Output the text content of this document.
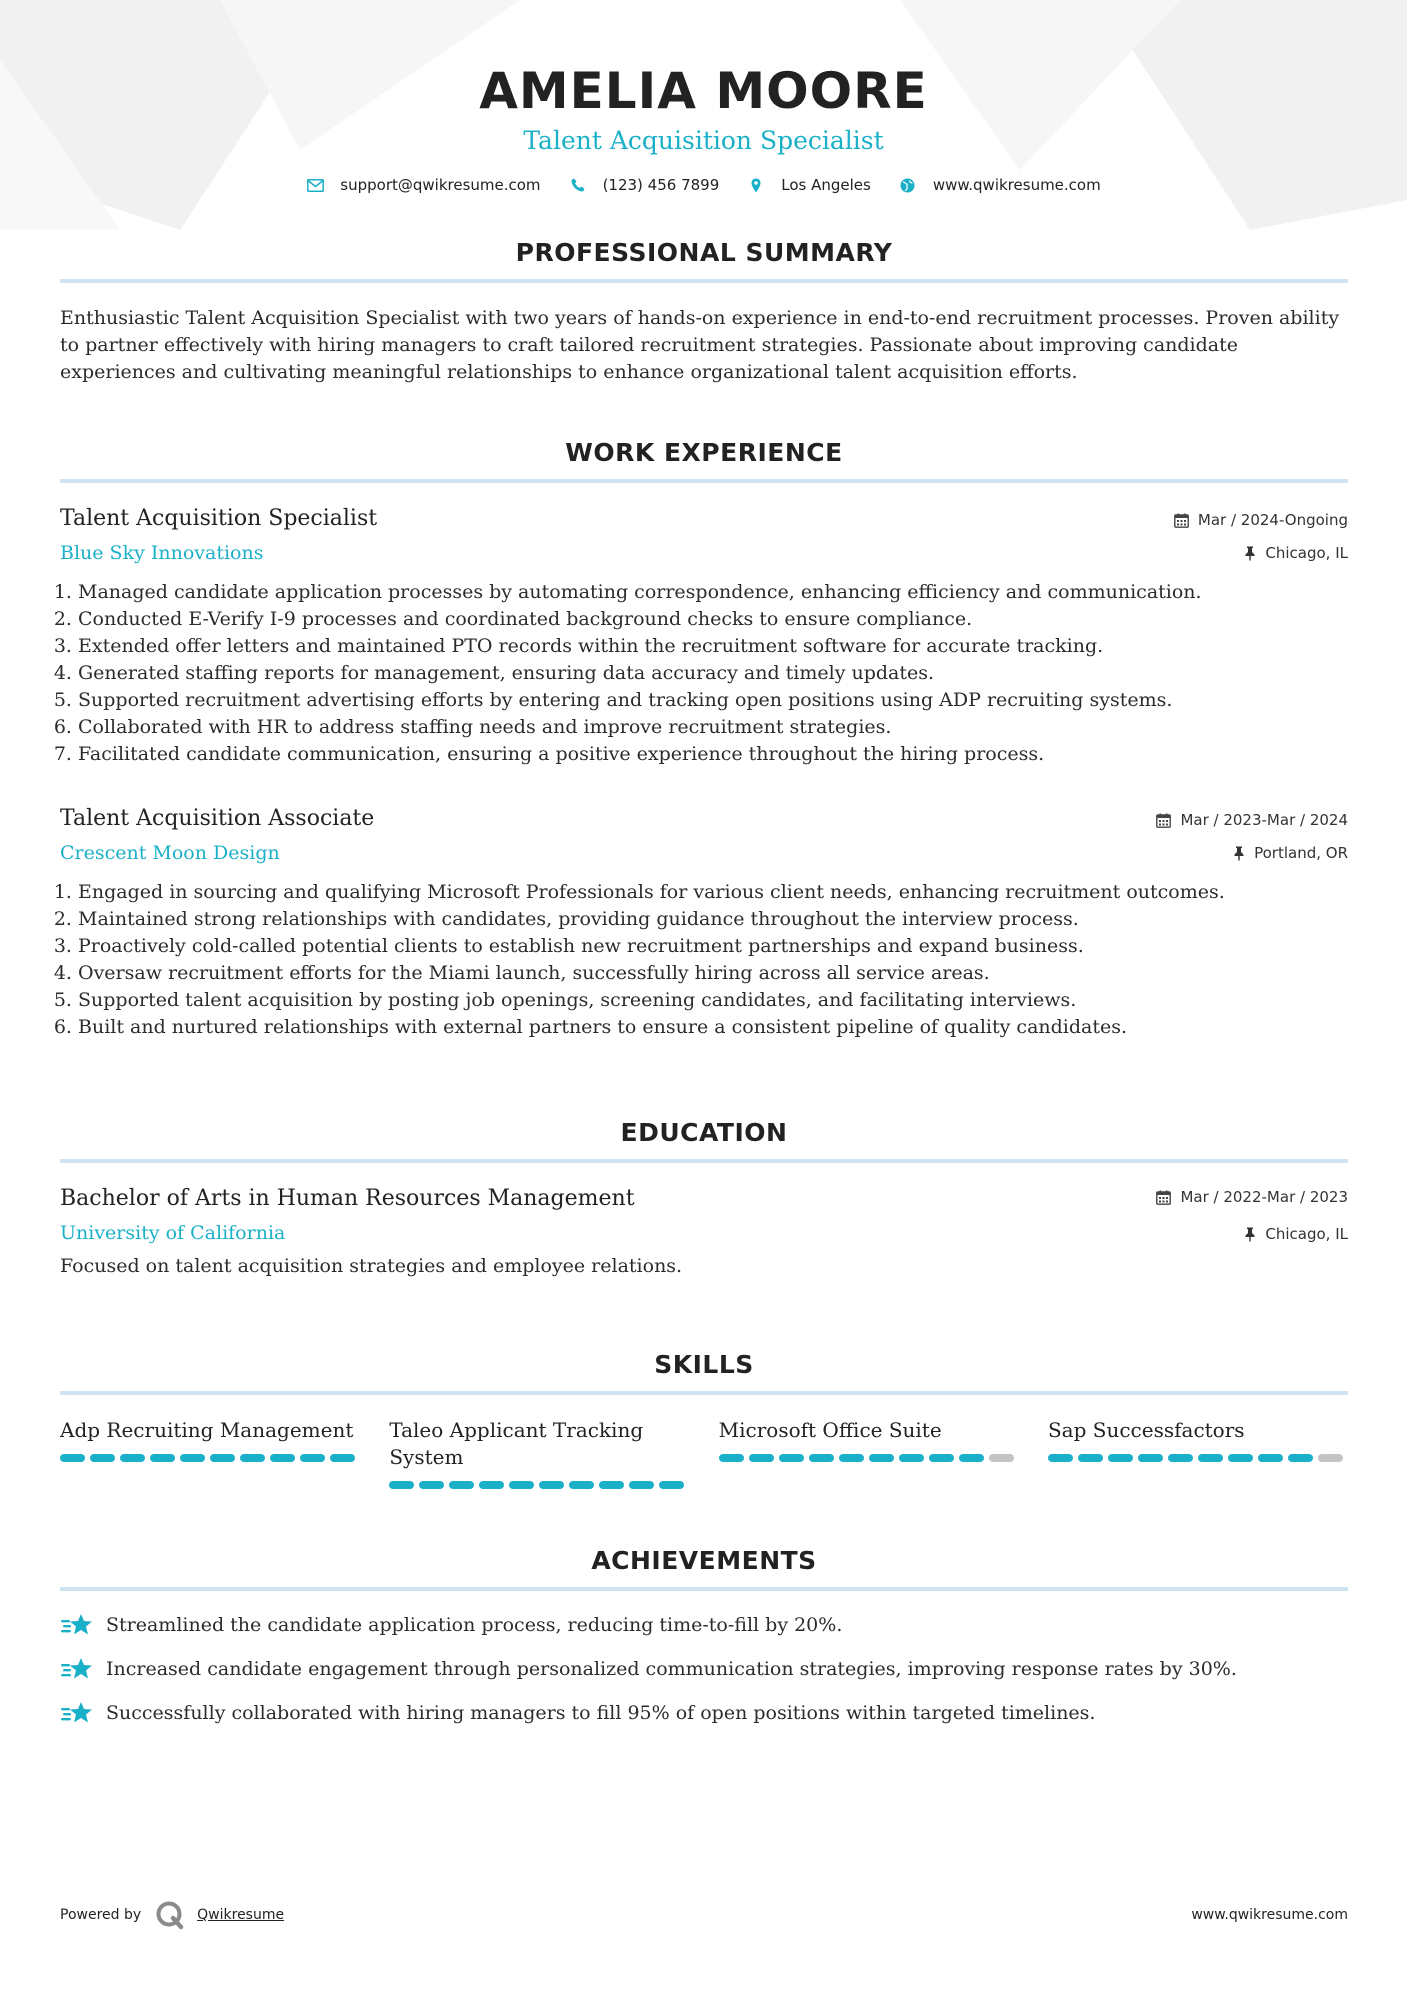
AMELIA MOORE
Talent Acquisition Specialist
support@qwikresume.com	(123) 456 7899	Los Angeles	www.qwikresume.com
PROFESSIONAL SUMMARY
Enthusiastic Talent Acquisition Specialist with two years of hands-on experience in end-to-end recruitment processes. Proven ability to partner effectively with hiring managers to craft tailored recruitment strategies. Passionate about improving candidate experiences and cultivating meaningful relationships to enhance organizational talent acquisition efforts.
WORK EXPERIENCE
Talent Acquisition Specialist
Blue Sky Innovations
Mar / 2024-Ongoing
Chicago, IL
1. Managed candidate application processes by automating correspondence, enhancing efficiency and communication.
2. Conducted E-Verify I-9 processes and coordinated background checks to ensure compliance.
3. Extended offer letters and maintained PTO records within the recruitment software for accurate tracking.
4. Generated staffing reports for management, ensuring data accuracy and timely updates.
5. Supported recruitment advertising efforts by entering and tracking open positions using ADP recruiting systems.
6. Collaborated with HR to address staffing needs and improve recruitment strategies.
7. Facilitated candidate communication, ensuring a positive experience throughout the hiring process.
Talent Acquisition Associate
Crescent Moon Design
Mar / 2023-Mar / 2024
Portland, OR
1. Engaged in sourcing and qualifying Microsoft Professionals for various client needs, enhancing recruitment outcomes.
2. Maintained strong relationships with candidates, providing guidance throughout the interview process.
3. Proactively cold-called potential clients to establish new recruitment partnerships and expand business.
4. Oversaw recruitment efforts for the Miami launch, successfully hiring across all service areas.
5. Supported talent acquisition by posting job openings, screening candidates, and facilitating interviews.
6. Built and nurtured relationships with external partners to ensure a consistent pipeline of quality candidates.
EDUCATION
Bachelor of Arts in Human Resources Management
University of California
Mar / 2022-Mar / 2023
Chicago, IL
Focused on talent acquisition strategies and employee relations.
SKILLS
Adp Recruiting Management	Taleo Applicant Tracking System
Microsoft Office Suite	Sap Successfactors
ACHIEVEMENTS
Streamlined the candidate application process, reducing time-to-fill by 20%.
Increased candidate engagement through personalized communication strategies, improving response rates by 30%.
Successfully collaborated with hiring managers to fill 95% of open positions within targeted timelines.
Powered by	Qwikresume	www.qwikresume.com
